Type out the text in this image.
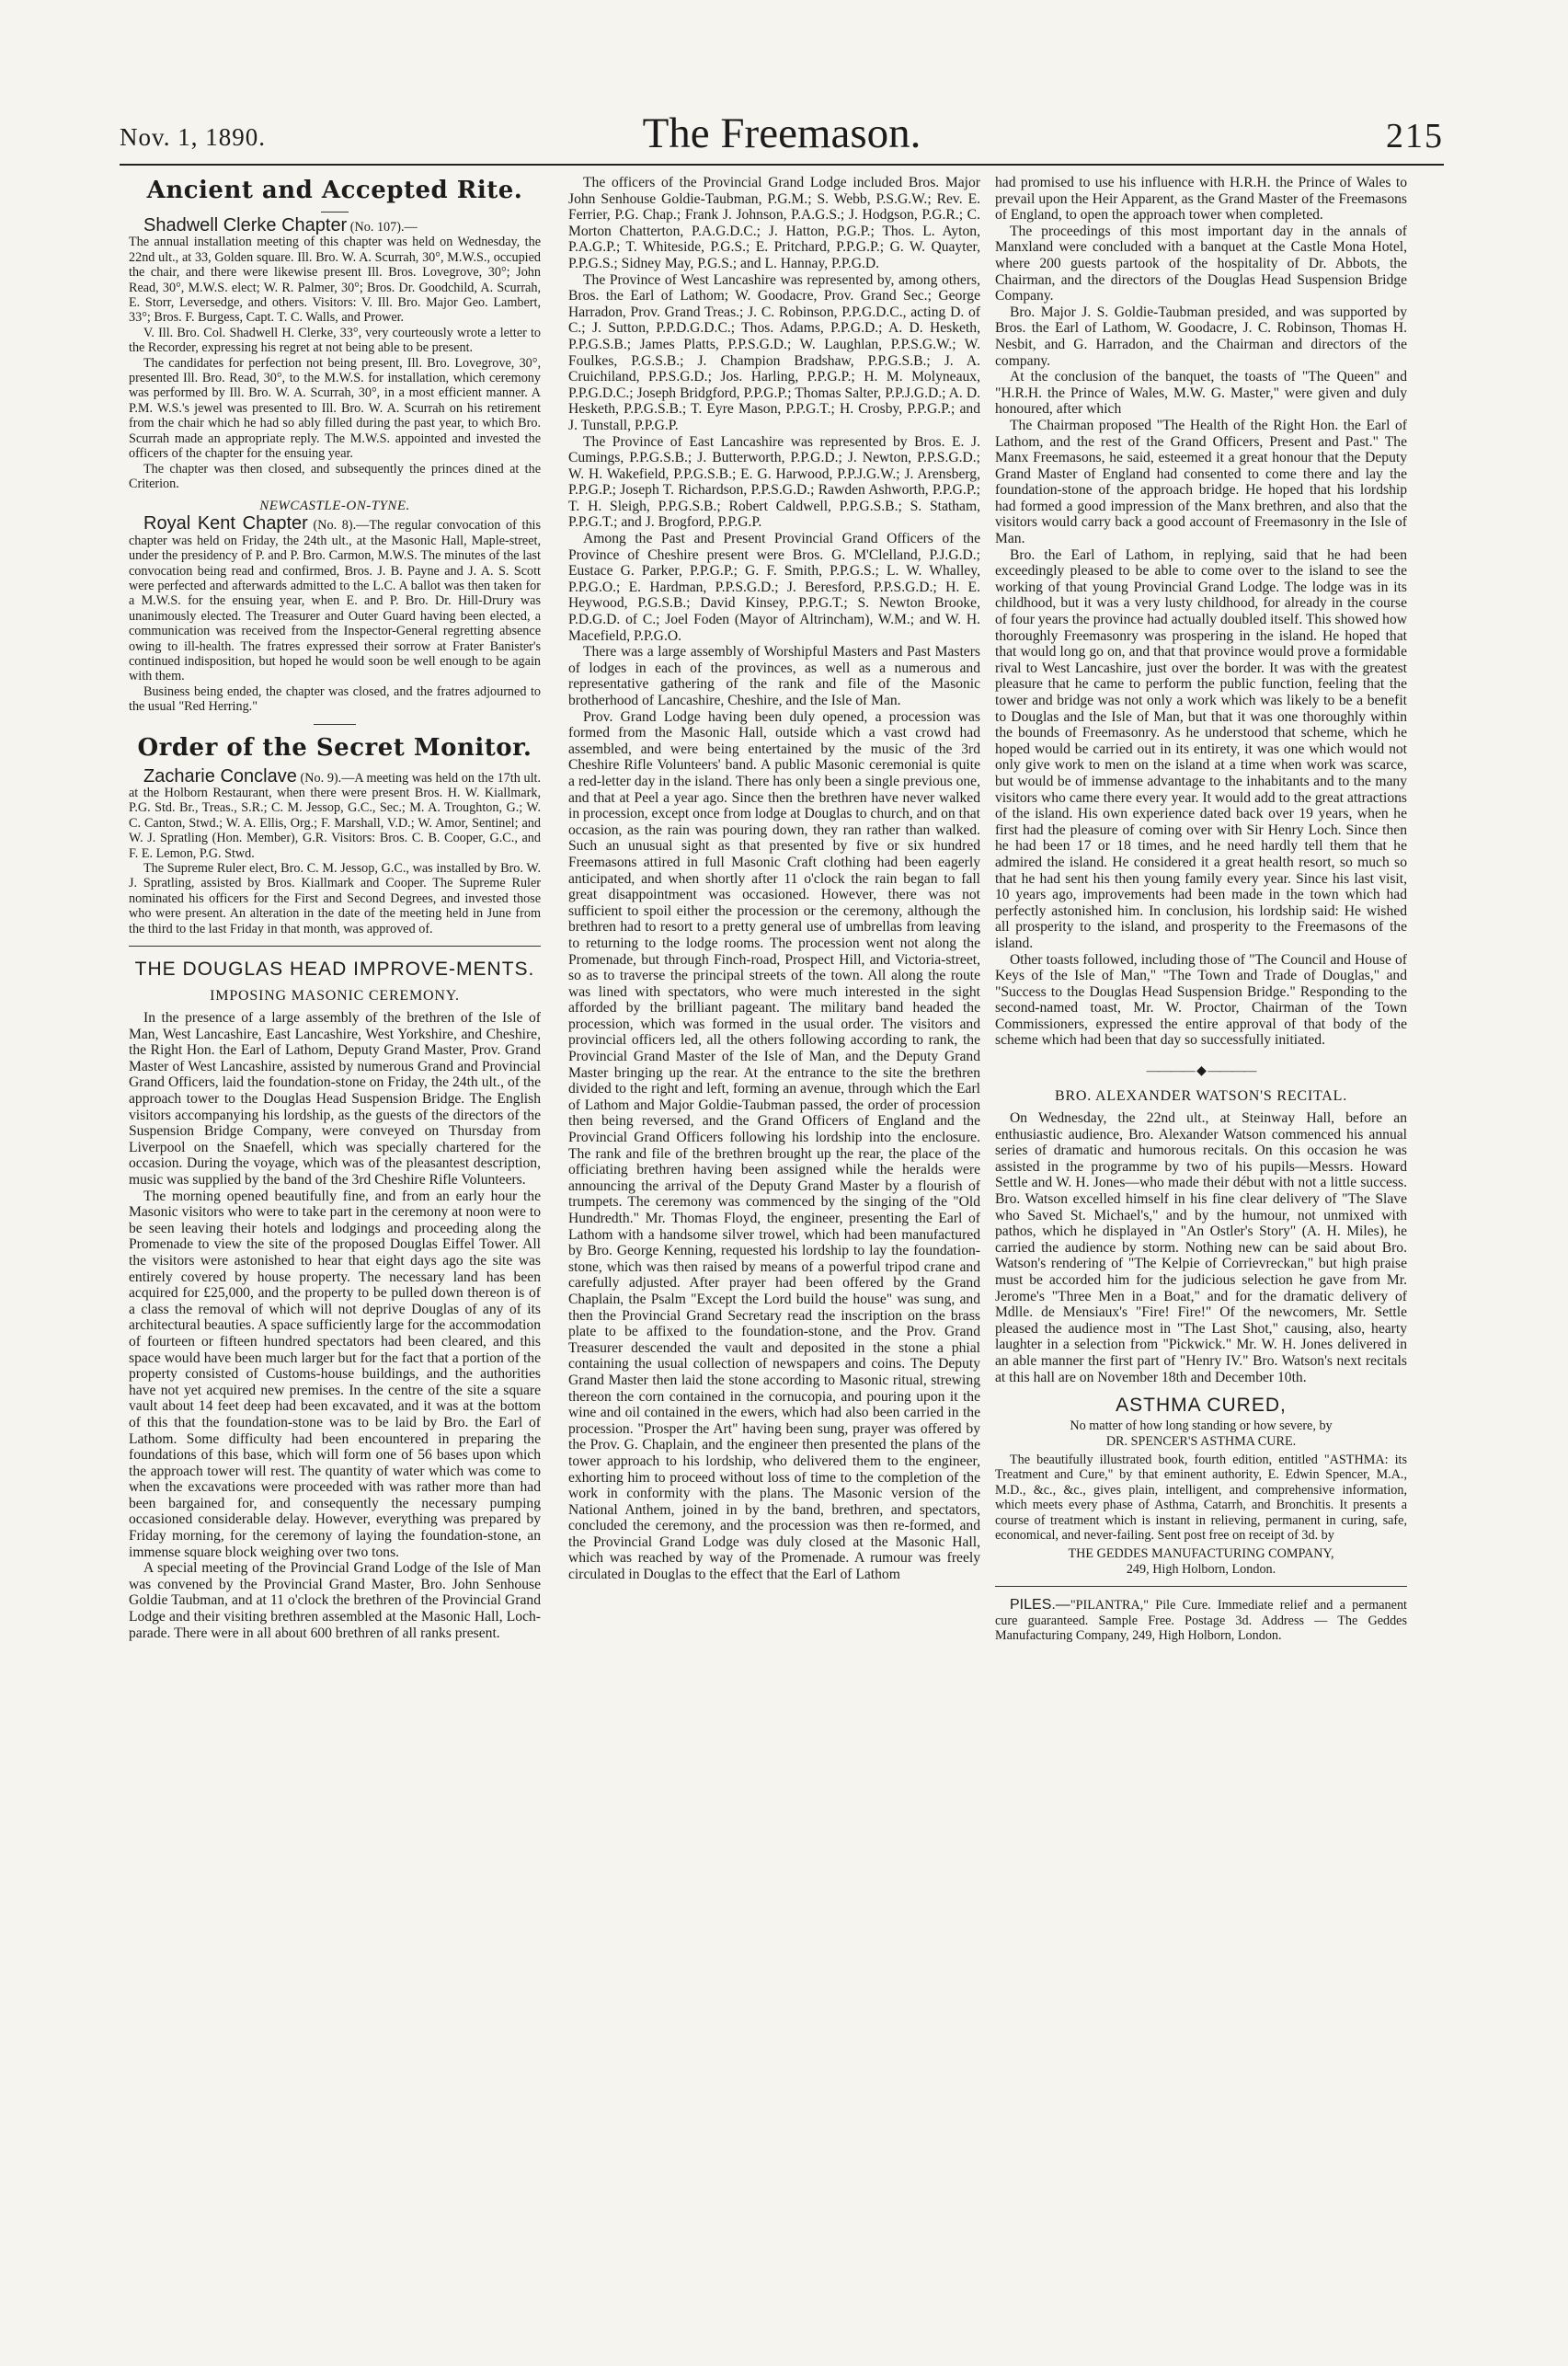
Nov. 1, 1890.	The Freemason.	215
Ancient and Accepted Rite.

Shadwell Clerke Chapter (No. 107).—

The annual installation meeting of this chapter was held on Wednesday, the 22nd ult., at 33, Golden square. Ill. Bro. W. A. Scurrah, 30°, M.W.S., occupied the chair, and there were likewise present Ill. Bros. Lovegrove, 30°; John Read, 30°, M.W.S. elect; W. R. Palmer, 30°; Bros. Dr. Goodchild, A. Scurrah, E. Storr, Leversedge, and others. Visitors: V. Ill. Bro. Major Geo. Lambert, 33°; Bros. F. Burgess, Capt. T. C. Walls, and Prower.

V. Ill. Bro. Col. Shadwell H. Clerke, 33°, very courteously wrote a letter to the Recorder, expressing his regret at not being able to be present.

The candidates for perfection not being present, Ill. Bro. Lovegrove, 30°, presented Ill. Bro. Read, 30°, to the M.W.S. for installation, which ceremony was performed by Ill. Bro. W. A. Scurrah, 30°, in a most efficient manner. A P.M. W.S.'s jewel was presented to Ill. Bro. W. A. Scurrah on his retirement from the chair which he had so ably filled during the past year, to which Bro. Scurrah made an appropriate reply. The M.W.S. appointed and invested the officers of the chapter for the ensuing year.

The chapter was then closed, and subsequently the princes dined at the Criterion.

NEWCASTLE-ON-TYNE.

Royal Kent Chapter (No. 8).—The regular convocation of this chapter was held on Friday, the 24th ult., at the Masonic Hall, Maple-street, under the presidency of P. and P. Bro. Carmon, M.W.S. The minutes of the last convocation being read and confirmed, Bros. J. B. Payne and J. A. S. Scott were perfected and afterwards admitted to the L.C. A ballot was then taken for a M.W.S. for the ensuing year, when E. and P. Bro. Dr. Hill-Drury was unanimously elected. The Treasurer and Outer Guard having been elected, a communication was received from the Inspector-General regretting absence owing to ill-health. The fratres expressed their sorrow at Frater Banister's continued indisposition, but hoped he would soon be well enough to be again with them.

Business being ended, the chapter was closed, and the fratres adjourned to the usual "Red Herring."

Order of the Secret Monitor.

Zacharie Conclave (No. 9).—A meeting was held on the 17th ult. at the Holborn Restaurant, when there were present Bros. H. W. Kiallmark, P.G. Std. Br., Treas., S.R.; C. M. Jessop, G.C., Sec.; M. A. Troughton, G.; W. C. Canton, Stwd.; W. A. Ellis, Org.; F. Marshall, V.D.; W. Amor, Sentinel; and W. J. Spratling (Hon. Member), G.R. Visitors: Bros. C. B. Cooper, G.C., and F. E. Lemon, P.G. Stwd.

The Supreme Ruler elect, Bro. C. M. Jessop, G.C., was installed by Bro. W. J. Spratling, assisted by Bros. Kiallmark and Cooper. The Supreme Ruler nominated his officers for the First and Second Degrees, and invested those who were present. An alteration in the date of the meeting held in June from the third to the last Friday in that month, was approved of.

THE DOUGLAS HEAD IMPROVE-MENTS.
IMPOSING MASONIC CEREMONY.

In the presence of a large assembly of the brethren of the Isle of Man, West Lancashire, East Lancashire, West Yorkshire, and Cheshire, the Right Hon. the Earl of Lathom, Deputy Grand Master, Prov. Grand Master of West Lancashire, assisted by numerous Grand and Provincial Grand Officers, laid the foundation-stone on Friday, the 24th ult., of the approach tower to the Douglas Head Suspension Bridge. The English visitors accompanying his lordship, as the guests of the directors of the Suspension Bridge Company, were conveyed on Thursday from Liverpool on the Snaefell, which was specially chartered for the occasion. During the voyage, which was of the pleasantest description, music was supplied by the band of the 3rd Cheshire Rifle Volunteers.

The morning opened beautifully fine, and from an early hour the Masonic visitors who were to take part in the ceremony at noon were to be seen leaving their hotels and lodgings and proceeding along the Promenade to view the site of the proposed Douglas Eiffel Tower. All the visitors were astonished to hear that eight days ago the site was entirely covered by house property. The necessary land has been acquired for £25,000, and the property to be pulled down thereon is of a class the removal of which will not deprive Douglas of any of its architectural beauties. A space sufficiently large for the accommodation of fourteen or fifteen hundred spectators had been cleared, and this space would have been much larger but for the fact that a portion of the property consisted of Customs-house buildings, and the authorities have not yet acquired new premises. In the centre of the site a square vault about 14 feet deep had been excavated, and it was at the bottom of this that the foundation-stone was to be laid by Bro. the Earl of Lathom. Some difficulty had been encountered in preparing the foundations of this base, which will form one of 56 bases upon which the approach tower will rest. The quantity of water which was come to when the excavations were proceeded with was rather more than had been bargained for, and consequently the necessary pumping occasioned considerable delay. However, everything was prepared by Friday morning, for the ceremony of laying the foundation-stone, an immense square block weighing over two tons.

A special meeting of the Provincial Grand Lodge of the Isle of Man was convened by the Provincial Grand Master, Bro. John Senhouse Goldie Taubman, and at 11 o'clock the brethren of the Provincial Grand Lodge and their visiting brethren assembled at the Masonic Hall, Loch-parade. There were in all about 600 brethren of all ranks present.

The officers of the Provincial Grand Lodge included Bros. Major John Senhouse Goldie-Taubman, P.G.M.; S. Webb, P.S.G.W.; Rev. E. Ferrier, P.G. Chap.; Frank J. Johnson, P.A.G.S.; J. Hodgson, P.G.R.; C. Morton Chatterton, P.A.G.D.C.; J. Hatton, P.G.P.; Thos. L. Ayton, P.A.G.P.; T. Whiteside, P.G.S.; E. Pritchard, P.P.G.P.; G. W. Quayter, P.P.G.S.; Sidney May, P.G.S.; and L. Hannay, P.P.G.D.

The Province of West Lancashire was represented by, among others, Bros. the Earl of Lathom; W. Goodacre, Prov. Grand Sec.; George Harradon, Prov. Grand Treas.; J. C. Robinson, P.P.G.D.C., acting D. of C.; J. Sutton, P.P.D.G.D.C.; Thos. Adams, P.P.G.D.; A. D. Hesketh, P.P.G.S.B.; James Platts, P.P.S.G.D.; W. Laughlan, P.P.S.G.W.; W. Foulkes, P.G.S.B.; J. Champion Bradshaw, P.P.G.S.B.; J. A. Cruichiland, P.P.S.G.D.; Jos. Harling, P.P.G.P.; H. M. Molyneaux, P.P.G.D.C.; Joseph Bridgford, P.P.G.P.; Thomas Salter, P.P.J.G.D.; A. D. Hesketh, P.P.G.S.B.; T. Eyre Mason, P.P.G.T.; H. Crosby, P.P.G.P.; and J. Tunstall, P.P.G.P.

The Province of East Lancashire was represented by Bros. E. J. Cumings, P.P.G.S.B.; J. Butterworth, P.P.G.D.; J. Newton, P.P.S.G.D.; W. H. Wakefield, P.P.G.S.B.; E. G. Harwood, P.P.J.G.W.; J. Arensberg, P.P.G.P.; Joseph T. Richardson, P.P.S.G.D.; Rawden Ashworth, P.P.G.P.; T. H. Sleigh, P.P.G.S.B.; Robert Caldwell, P.P.G.S.B.; S. Statham, P.P.G.T.; and J. Brogford, P.P.G.P.

Among the Past and Present Provincial Grand Officers of the Province of Cheshire present were Bros. G. M'Clelland, P.J.G.D.; Eustace G. Parker, P.P.G.P.; G. F. Smith, P.P.G.S.; L. W. Whalley, P.P.G.O.; E. Hardman, P.P.S.G.D.; J. Beresford, P.P.S.G.D.; H. E. Heywood, P.G.S.B.; David Kinsey, P.P.G.T.; S. Newton Brooke, P.D.G.D. of C.; Joel Foden (Mayor of Altrincham), W.M.; and W. H. Macefield, P.P.G.O.

There was a large assembly of Worshipful Masters and Past Masters of lodges in each of the provinces, as well as a numerous and representative gathering of the rank and file of the Masonic brotherhood of Lancashire, Cheshire, and the Isle of Man.

Prov. Grand Lodge having been duly opened, a procession was formed from the Masonic Hall, outside which a vast crowd had assembled, and were being entertained by the music of the 3rd Cheshire Rifle Volunteers' band. A public Masonic ceremonial is quite a red-letter day in the island. There has only been a single previous one, and that at Peel a year ago. Since then the brethren have never walked in procession, except once from lodge at Douglas to church, and on that occasion, as the rain was pouring down, they ran rather than walked. Such an unusual sight as that presented by five or six hundred Freemasons attired in full Masonic Craft clothing had been eagerly anticipated, and when shortly after 11 o'clock the rain began to fall great disappointment was occasioned. However, there was not sufficient to spoil either the procession or the ceremony, although the brethren had to resort to a pretty general use of umbrellas from leaving to returning to the lodge rooms. The procession went not along the Promenade, but through Finch-road, Prospect Hill, and Victoria-street, so as to traverse the principal streets of the town. All along the route was lined with spectators, who were much interested in the sight afforded by the brilliant pageant. The military band headed the procession, which was formed in the usual order. The visitors and provincial officers led, all the others following according to rank, the Provincial Grand Master of the Isle of Man, and the Deputy Grand Master bringing up the rear. At the entrance to the site the brethren divided to the right and left, forming an avenue, through which the Earl of Lathom and Major Goldie-Taubman passed, the order of procession then being reversed, and the Grand Officers of England and the Provincial Grand Officers following his lordship into the enclosure. The rank and file of the brethren brought up the rear, the place of the officiating brethren having been assigned while the heralds were announcing the arrival of the Deputy Grand Master by a flourish of trumpets. The ceremony was commenced by the singing of the "Old Hundredth." Mr. Thomas Floyd, the engineer, presenting the Earl of Lathom with a handsome silver trowel, which had been manufactured by Bro. George Kenning, requested his lordship to lay the foundation-stone, which was then raised by means of a powerful tripod crane and carefully adjusted. After prayer had been offered by the Grand Chaplain, the Psalm "Except the Lord build the house" was sung, and then the Provincial Grand Secretary read the inscription on the brass plate to be affixed to the foundation-stone, and the Prov. Grand Treasurer descended the vault and deposited in the stone a phial containing the usual collection of newspapers and coins. The Deputy Grand Master then laid the stone according to Masonic ritual, strewing thereon the corn contained in the cornucopia, and pouring upon it the wine and oil contained in the ewers, which had also been carried in the procession. "Prosper the Art" having been sung, prayer was offered by the Prov. G. Chaplain, and the engineer then presented the plans of the tower approach to his lordship, who delivered them to the engineer, exhorting him to proceed without loss of time to the completion of the work in conformity with the plans. The Masonic version of the National Anthem, joined in by the band, brethren, and spectators, concluded the ceremony, and the procession was then re-formed, and the Provincial Grand Lodge was duly closed at the Masonic Hall, which was reached by way of the Promenade. A rumour was freely circulated in Douglas to the effect that the Earl of Lathom

had promised to use his influence with H.R.H. the Prince of Wales to prevail upon the Heir Apparent, as the Grand Master of the Freemasons of England, to open the approach tower when completed.

The proceedings of this most important day in the annals of Manxland were concluded with a banquet at the Castle Mona Hotel, where 200 guests partook of the hospitality of Dr. Abbots, the Chairman, and the directors of the Douglas Head Suspension Bridge Company.

Bro. Major J. S. Goldie-Taubman presided, and was supported by Bros. the Earl of Lathom, W. Goodacre, J. C. Robinson, Thomas H. Nesbit, and G. Harradon, and the Chairman and directors of the company.

At the conclusion of the banquet, the toasts of "The Queen" and "H.R.H. the Prince of Wales, M.W. G. Master," were given and duly honoured, after which

The Chairman proposed "The Health of the Right Hon. the Earl of Lathom, and the rest of the Grand Officers, Present and Past." The Manx Freemasons, he said, esteemed it a great honour that the Deputy Grand Master of England had consented to come there and lay the foundation-stone of the approach bridge. He hoped that his lordship had formed a good impression of the Manx brethren, and also that the visitors would carry back a good account of Freemasonry in the Isle of Man.

Bro. the Earl of Lathom, in replying, said that he had been exceedingly pleased to be able to come over to the island to see the working of that young Provincial Grand Lodge. The lodge was in its childhood, but it was a very lusty childhood, for already in the course of four years the province had actually doubled itself. This showed how thoroughly Freemasonry was prospering in the island. He hoped that that would long go on, and that that province would prove a formidable rival to West Lancashire, just over the border. It was with the greatest pleasure that he came to perform the public function, feeling that the tower and bridge was not only a work which was likely to be a benefit to Douglas and the Isle of Man, but that it was one thoroughly within the bounds of Freemasonry. As he understood that scheme, which he hoped would be carried out in its entirety, it was one which would not only give work to men on the island at a time when work was scarce, but would be of immense advantage to the inhabitants and to the many visitors who came there every year. It would add to the great attractions of the island. His own experience dated back over 19 years, when he first had the pleasure of coming over with Sir Henry Loch. Since then he had been 17 or 18 times, and he need hardly tell them that he admired the island. He considered it a great health resort, so much so that he had sent his then young family every year. Since his last visit, 10 years ago, improvements had been made in the town which had perfectly astonished him. In conclusion, his lordship said: He wished all prosperity to the island, and prosperity to the Freemasons of the island.

Other toasts followed, including those of "The Council and House of Keys of the Isle of Man," "The Town and Trade of Douglas," and "Success to the Douglas Head Suspension Bridge." Responding to the second-named toast, Mr. W. Proctor, Chairman of the Town Commissioners, expressed the entire approval of that body of the scheme which had been that day so successfully initiated.

———— ◆ ————
BRO. ALEXANDER WATSON'S RECITAL.

On Wednesday, the 22nd ult., at Steinway Hall, before an enthusiastic audience, Bro. Alexander Watson commenced his annual series of dramatic and humorous recitals. On this occasion he was assisted in the programme by two of his pupils—Messrs. Howard Settle and W. H. Jones—who made their début with not a little success. Bro. Watson excelled himself in his fine clear delivery of "The Slave who Saved St. Michael's," and by the humour, not unmixed with pathos, which he displayed in "An Ostler's Story" (A. H. Miles), he carried the audience by storm. Nothing new can be said about Bro. Watson's rendering of "The Kelpie of Corrievreckan," but high praise must be accorded him for the judicious selection he gave from Mr. Jerome's "Three Men in a Boat," and for the dramatic delivery of Mdlle. de Mensiaux's "Fire! Fire!" Of the newcomers, Mr. Settle pleased the audience most in "The Last Shot," causing, also, hearty laughter in a selection from "Pickwick." Mr. W. H. Jones delivered in an able manner the first part of "Henry IV." Bro. Watson's next recitals at this hall are on November 18th and December 10th.

ASTHMA CURED,

No matter of how long standing or how severe, by

DR. SPENCER'S ASTHMA CURE.

The beautifully illustrated book, fourth edition, entitled "ASTHMA: its Treatment and Cure," by that eminent authority, E. Edwin Spencer, M.A., M.D., &c., &c., gives plain, intelligent, and comprehensive information, which meets every phase of Asthma, Catarrh, and Bronchitis. It presents a course of treatment which is instant in relieving, permanent in curing, safe, economical, and never-failing. Sent post free on receipt of 3d. by

THE GEDDES MANUFACTURING COMPANY,

249, High Holborn, London.

PILES.—"PILANTRA," Pile Cure. Immediate relief and a permanent cure guaranteed. Sample Free. Postage 3d. Address — The Geddes Manufacturing Company, 249, High Holborn, London.
